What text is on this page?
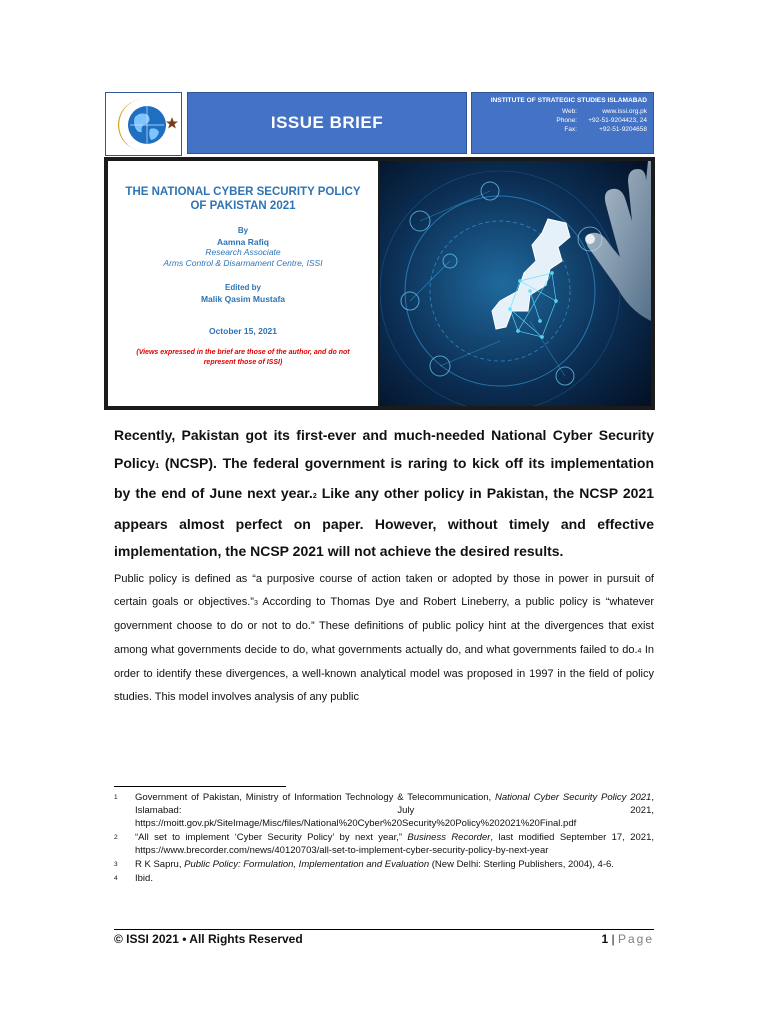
ISSUE BRIEF
INSTITUTE OF STRATEGIC STUDIES ISLAMABAD
Web:	www.issi.org.pk
Phone:	+92-51-9204423, 24
Fax:	+92-51-9204658
THE NATIONAL CYBER SECURITY POLICY OF PAKISTAN 2021
By
Aamna Rafiq
Research Associate
Arms Control & Disarmament Centre, ISSI
Edited by
Malik Qasim Mustafa
October 15, 2021
(Views expressed in the brief are those of the author, and do not represent those of ISSI)
Recently, Pakistan got its first-ever and much-needed National Cyber Security Policy1 (NCSP). The federal government is raring to kick off its implementation by the end of June next year.2 Like any other policy in Pakistan, the NCSP 2021 appears almost perfect on paper. However, without timely and effective implementation, the NCSP 2021 will not achieve the desired results.
Public policy is defined as “a purposive course of action taken or adopted by those in power in pursuit of certain goals or objectives.”3 According to Thomas Dye and Robert Lineberry, a public policy is “whatever government choose to do or not to do.” These definitions of public policy hint at the divergences that exist among what governments decide to do, what governments actually do, and what governments failed to do.4 In order to identify these divergences, a well-known analytical model was proposed in 1997 in the field of policy studies. This model involves analysis of any public
1	Government of Pakistan, Ministry of Information Technology & Telecommunication, National Cyber Security Policy 2021, Islamabad: July 2021, https://moitt.gov.pk/SiteImage/Misc/files/National%20Cyber%20Security%20Policy%202021%20Final.pdf
2	“All set to implement ‘Cyber Security Policy’ by next year,” Business Recorder, last modified September 17, 2021, https://www.brecorder.com/news/40120703/all-set-to-implement-cyber-security-policy-by-next-year
3	R K Sapru, Public Policy: Formulation, Implementation and Evaluation (New Delhi: Sterling Publishers, 2004), 4-6.
4	Ibid.
© ISSI 2021 • All Rights Reserved	1 | Page
